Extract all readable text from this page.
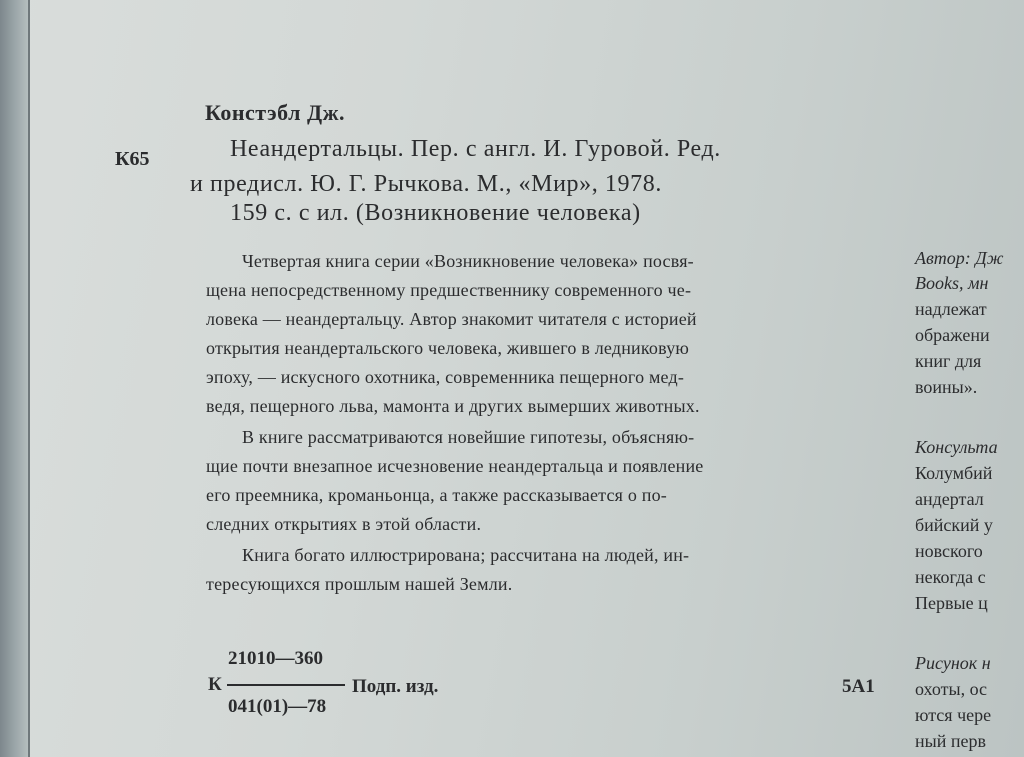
Констэбл Дж.
К65	Неандертальцы. Пер. с англ. И. Гуровой. Ред.
и предисл. Ю. Г. Рычкова. М., «Мир», 1978.
159 с. с ил. (Возникновение человека)
Четвертая книга серии «Возникновение человека» посвя-
щена непосредственному предшественнику современного че-
ловека — неандертальцу. Автор знакомит читателя с историей
открытия неандертальского человека, жившего в ледниковую
эпоху, — искусного охотника, современника пещерного мед-
ведя, пещерного льва, мамонта и других вымерших животных.
В книге рассматриваются новейшие гипотезы, объясняю-
щие почти внезапное исчезновение неандертальца и появление
его преемника, кроманьонца, а также рассказывается о по-
следних открытиях в этой области.
Книга богато иллюстрирована; рассчитана на людей, ин-
тересующихся прошлым нашей Земли.
21010—360
К	Подп. изд.	5А1
041(01)—78
Автор: Дж
Books, мн
надлежат
ображени
книг для
воины».
Консульта
Колумбий
андертал
бийский у
новского
некогда с
Первые ц
Рисунок н
охоты, ос
ются чере
ный перв
